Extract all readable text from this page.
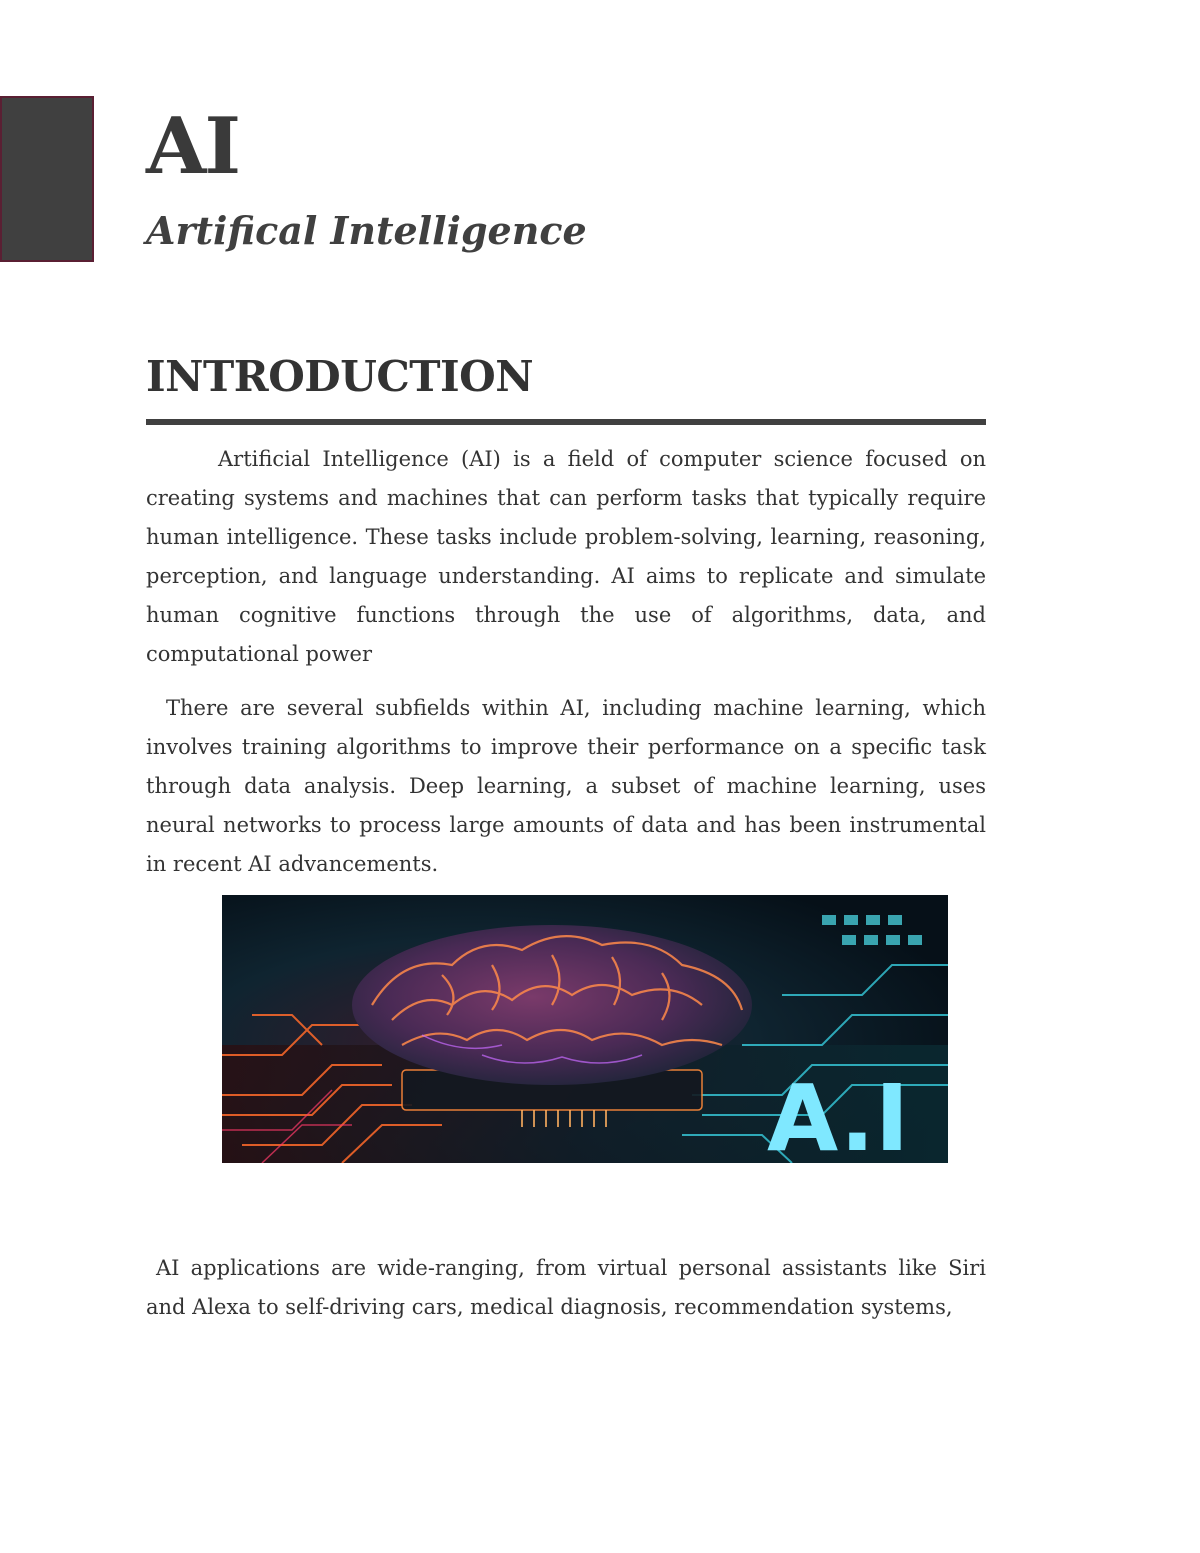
AI
Artifical Intelligence
INTRODUCTION

Artificial Intelligence (AI) is a field of computer science focused on creating systems and machines that can perform tasks that typically require human intelligence. These tasks include problem-solving, learning, reasoning, perception, and language understanding. AI aims to replicate and simulate human cognitive functions through the use of algorithms, data, and computational power

There are several subfields within AI, including machine learning, which involves training algorithms to improve their performance on a specific task through data analysis. Deep learning, a subset of machine learning, uses neural networks to process large amounts of data and has been instrumental in recent AI advancements.

A.I

AI applications are wide-ranging, from virtual personal assistants like Siri and Alexa to self-driving cars, medical diagnosis, recommendation systems,
